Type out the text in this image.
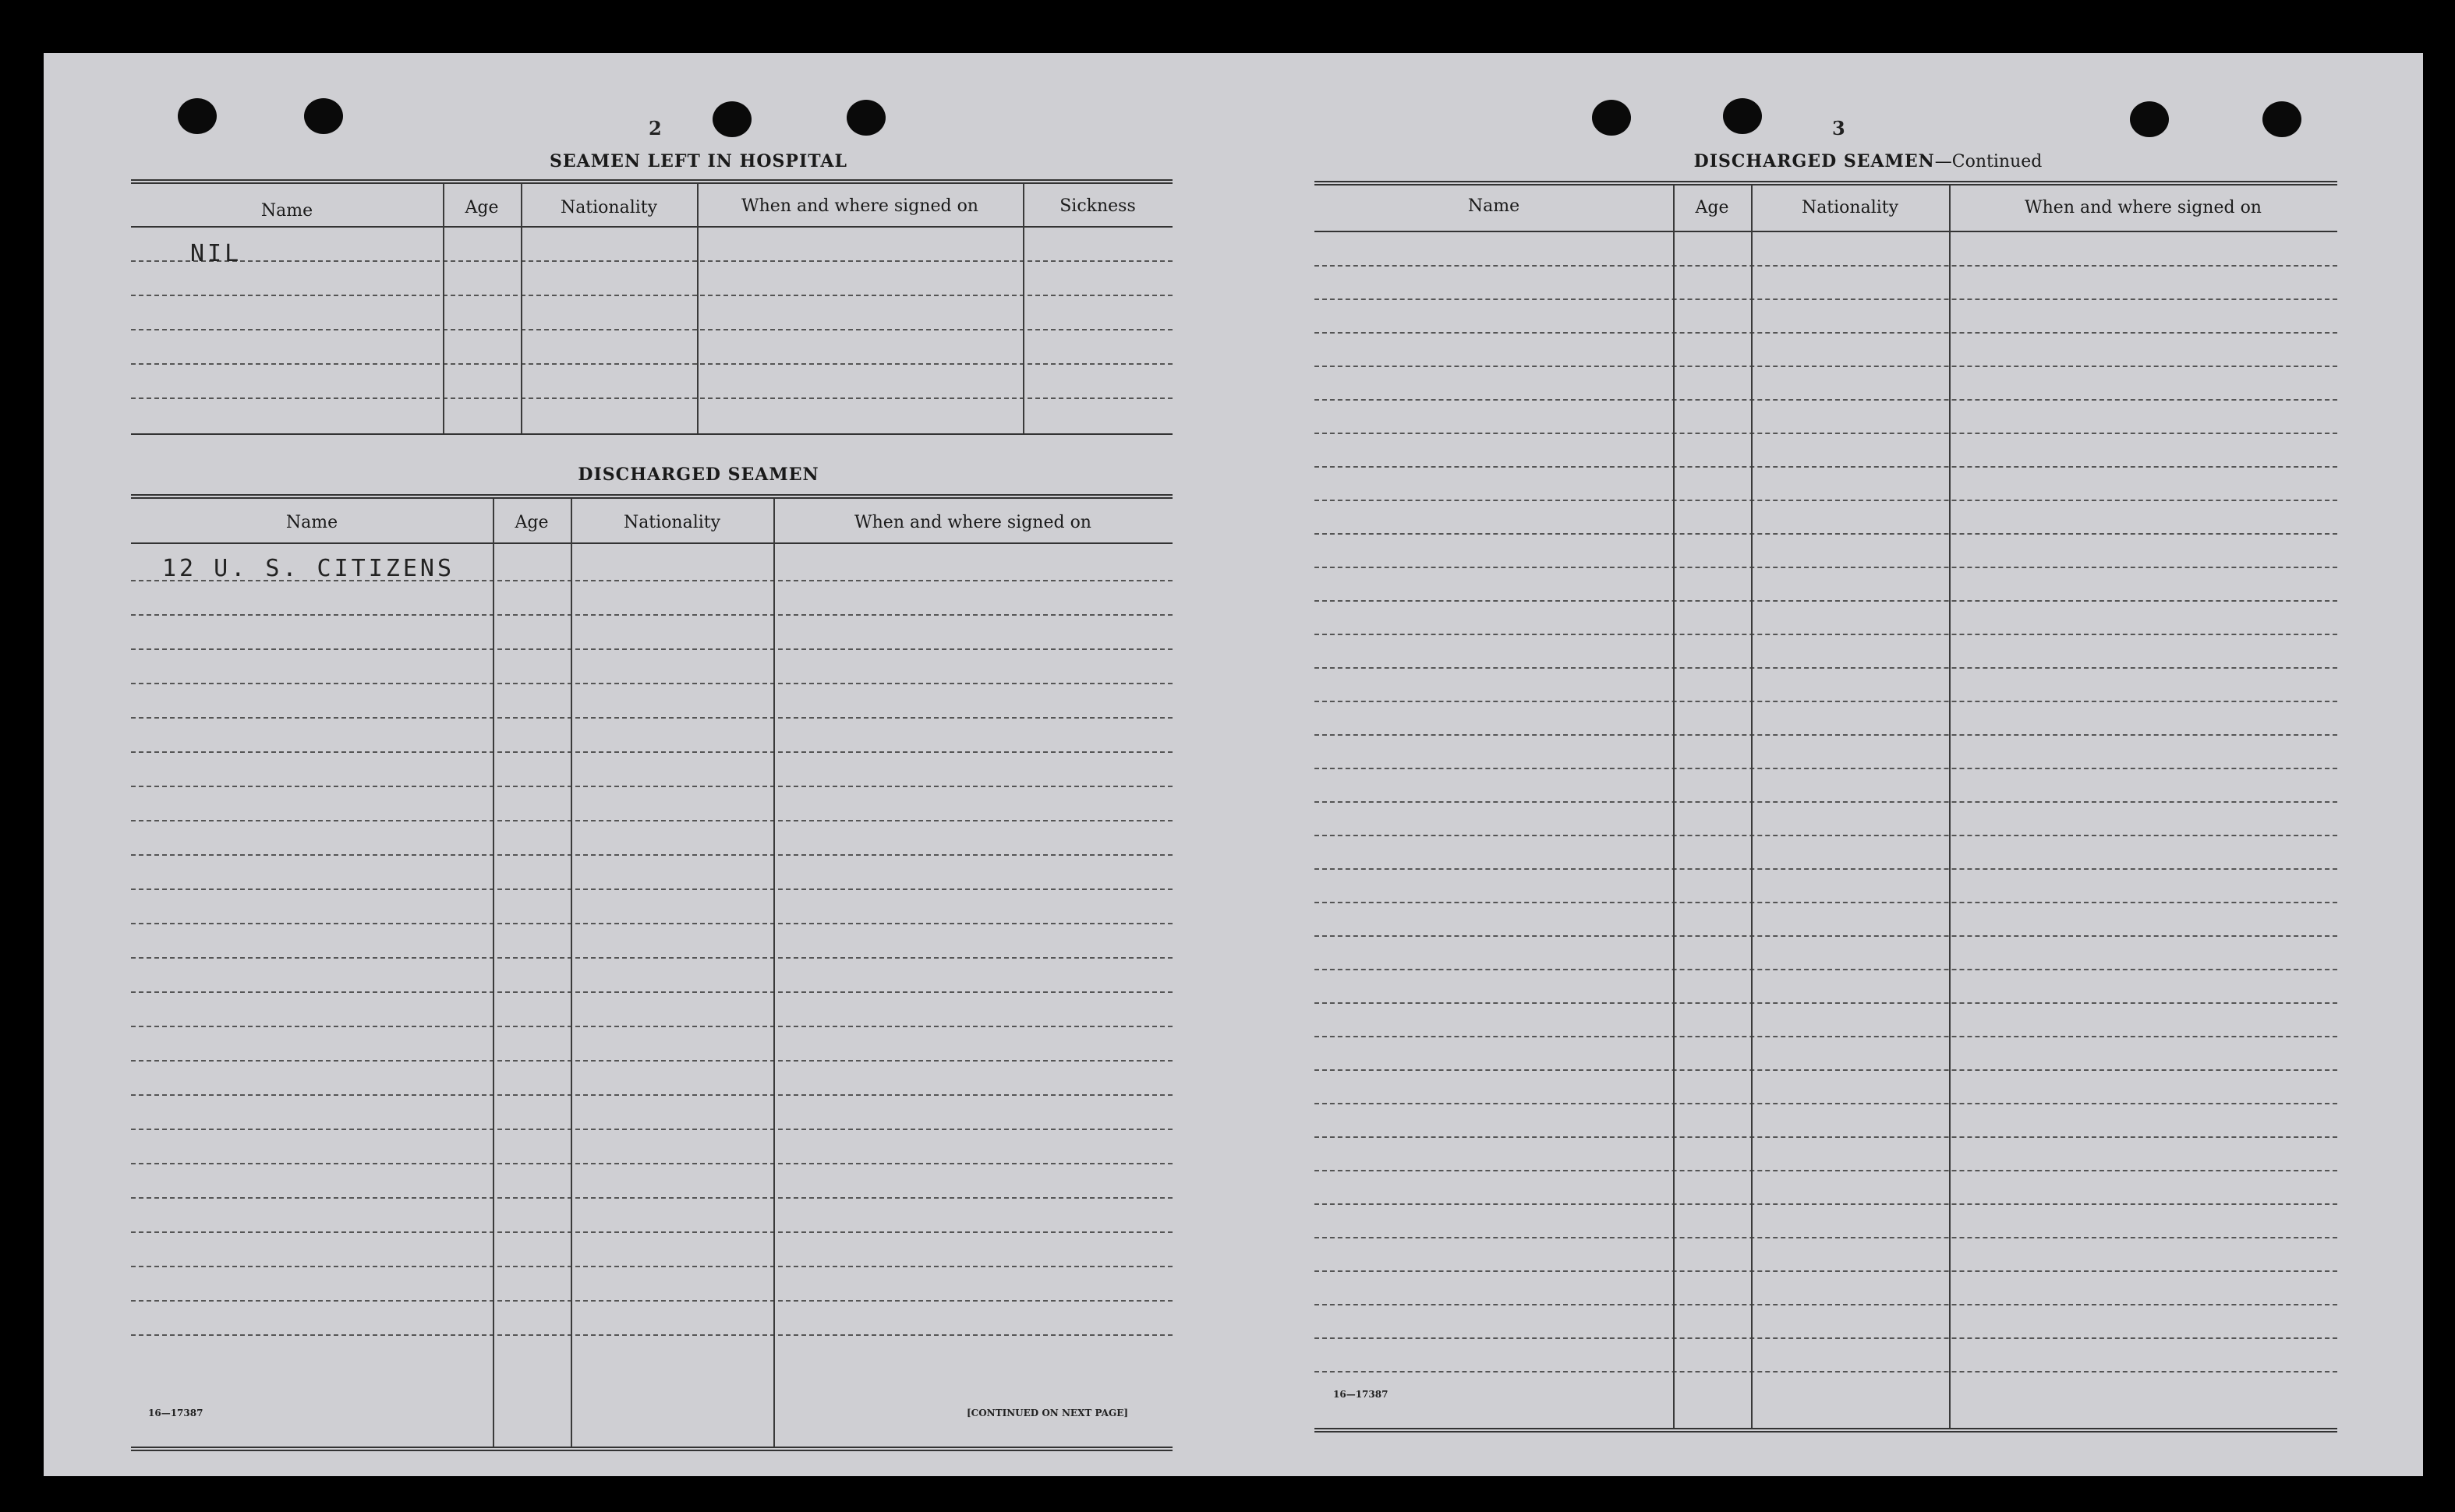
2
SEAMEN LEFT IN HOSPITAL
Name	Age	Nationality	When and where signed on	Sickness
NIL
DISCHARGED SEAMEN
Name	Age	Nationality	When and where signed on
12 U. S. CITIZENS
16—17387	[CONTINUED ON NEXT PAGE]
3
DISCHARGED SEAMEN—Continued
Name	Age	Nationality	When and where signed on
16—17387
